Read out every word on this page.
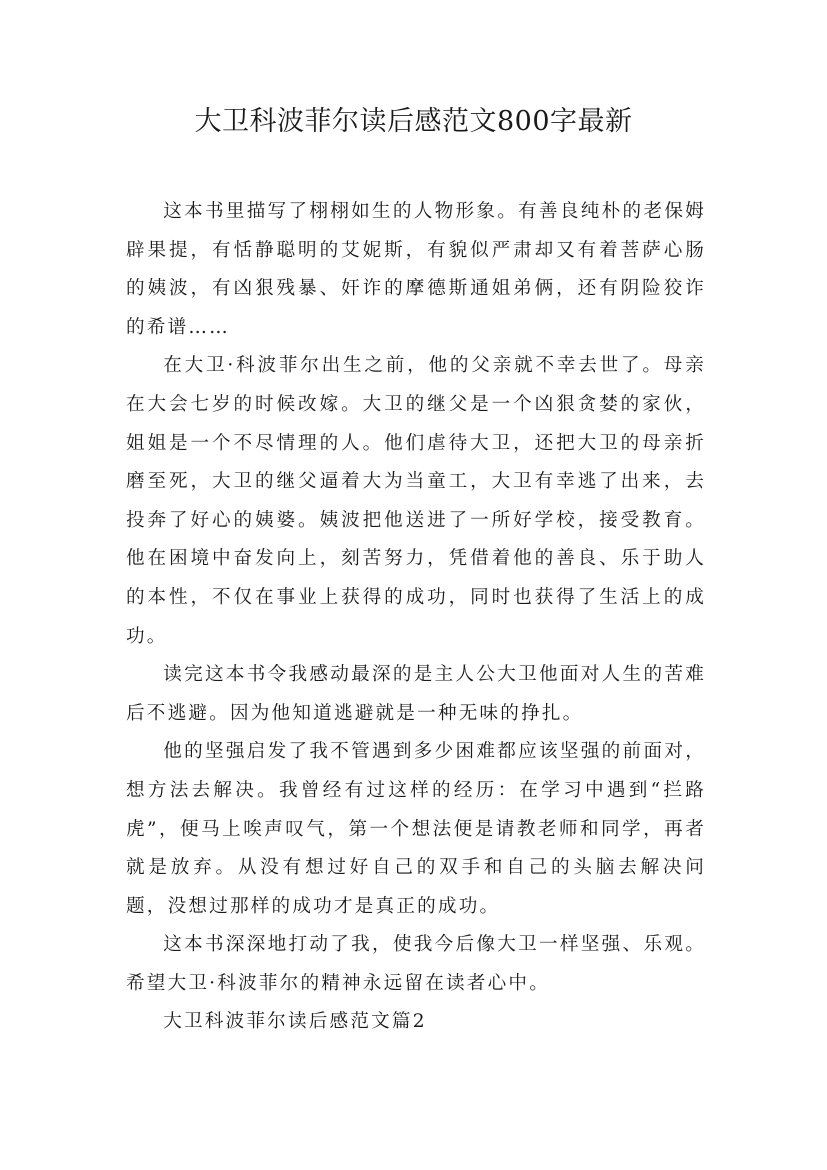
大卫科波菲尔读后感范文800字最新

这本书里描写了栩栩如生的人物形象。有善良纯朴的老保姆辟果提，有恬静聪明的艾妮斯，有貌似严肃却又有着菩萨心肠的姨波，有凶狠残暴、奸诈的摩德斯通姐弟俩，还有阴险狡诈的希谱……

在大卫·科波菲尔出生之前，他的父亲就不幸去世了。母亲在大会七岁的时候改嫁。大卫的继父是一个凶狠贪婪的家伙，姐姐是一个不尽情理的人。他们虐待大卫，还把大卫的母亲折磨至死，大卫的继父逼着大为当童工，大卫有幸逃了出来，去投奔了好心的姨婆。姨波把他送进了一所好学校，接受教育。他在困境中奋发向上，刻苦努力，凭借着他的善良、乐于助人的本性，不仅在事业上获得的成功，同时也获得了生活上的成功。

读完这本书令我感动最深的是主人公大卫他面对人生的苦难后不逃避。因为他知道逃避就是一种无味的挣扎。

他的坚强启发了我不管遇到多少困难都应该坚强的前面对，想方法去解决。我曾经有过这样的经历：在学习中遇到“拦路虎”，便马上唉声叹气，第一个想法便是请教老师和同学，再者就是放弃。从没有想过好自己的双手和自己的头脑去解决问题，没想过那样的成功才是真正的成功。

这本书深深地打动了我，使我今后像大卫一样坚强、乐观。希望大卫·科波菲尔的精神永远留在读者心中。

大卫科波菲尔读后感范文篇2
